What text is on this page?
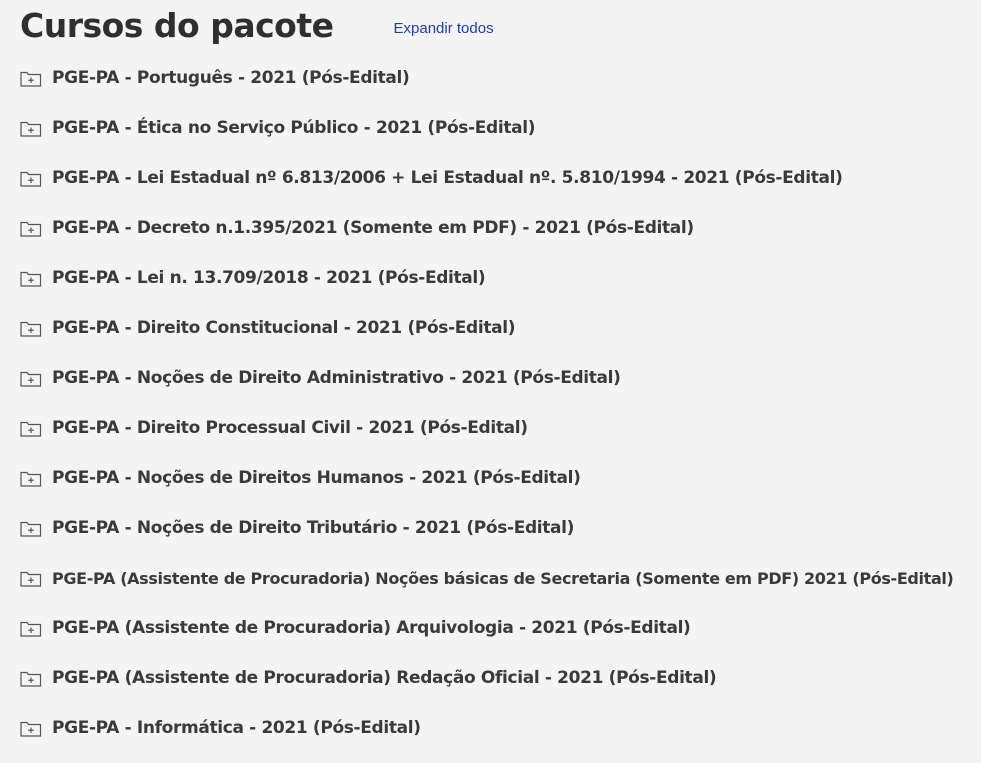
Cursos do pacote	Expandir todos
PGE-PA - Português - 2021 (Pós-Edital)
PGE-PA - Ética no Serviço Público - 2021 (Pós-Edital)
PGE-PA - Lei Estadual nº 6.813/2006 + Lei Estadual nº. 5.810/1994 - 2021 (Pós-Edital)
PGE-PA - Decreto n.1.395/2021 (Somente em PDF) - 2021 (Pós-Edital)
PGE-PA - Lei n. 13.709/2018 - 2021 (Pós-Edital)
PGE-PA - Direito Constitucional - 2021 (Pós-Edital)
PGE-PA - Noções de Direito Administrativo - 2021 (Pós-Edital)
PGE-PA - Direito Processual Civil - 2021 (Pós-Edital)
PGE-PA - Noções de Direitos Humanos - 2021 (Pós-Edital)
PGE-PA - Noções de Direito Tributário - 2021 (Pós-Edital)
PGE-PA (Assistente de Procuradoria) Noções básicas de Secretaria (Somente em PDF) 2021 (Pós-Edital)
PGE-PA (Assistente de Procuradoria) Arquivologia - 2021 (Pós-Edital)
PGE-PA (Assistente de Procuradoria) Redação Oficial - 2021 (Pós-Edital)
PGE-PA - Informática - 2021 (Pós-Edital)
